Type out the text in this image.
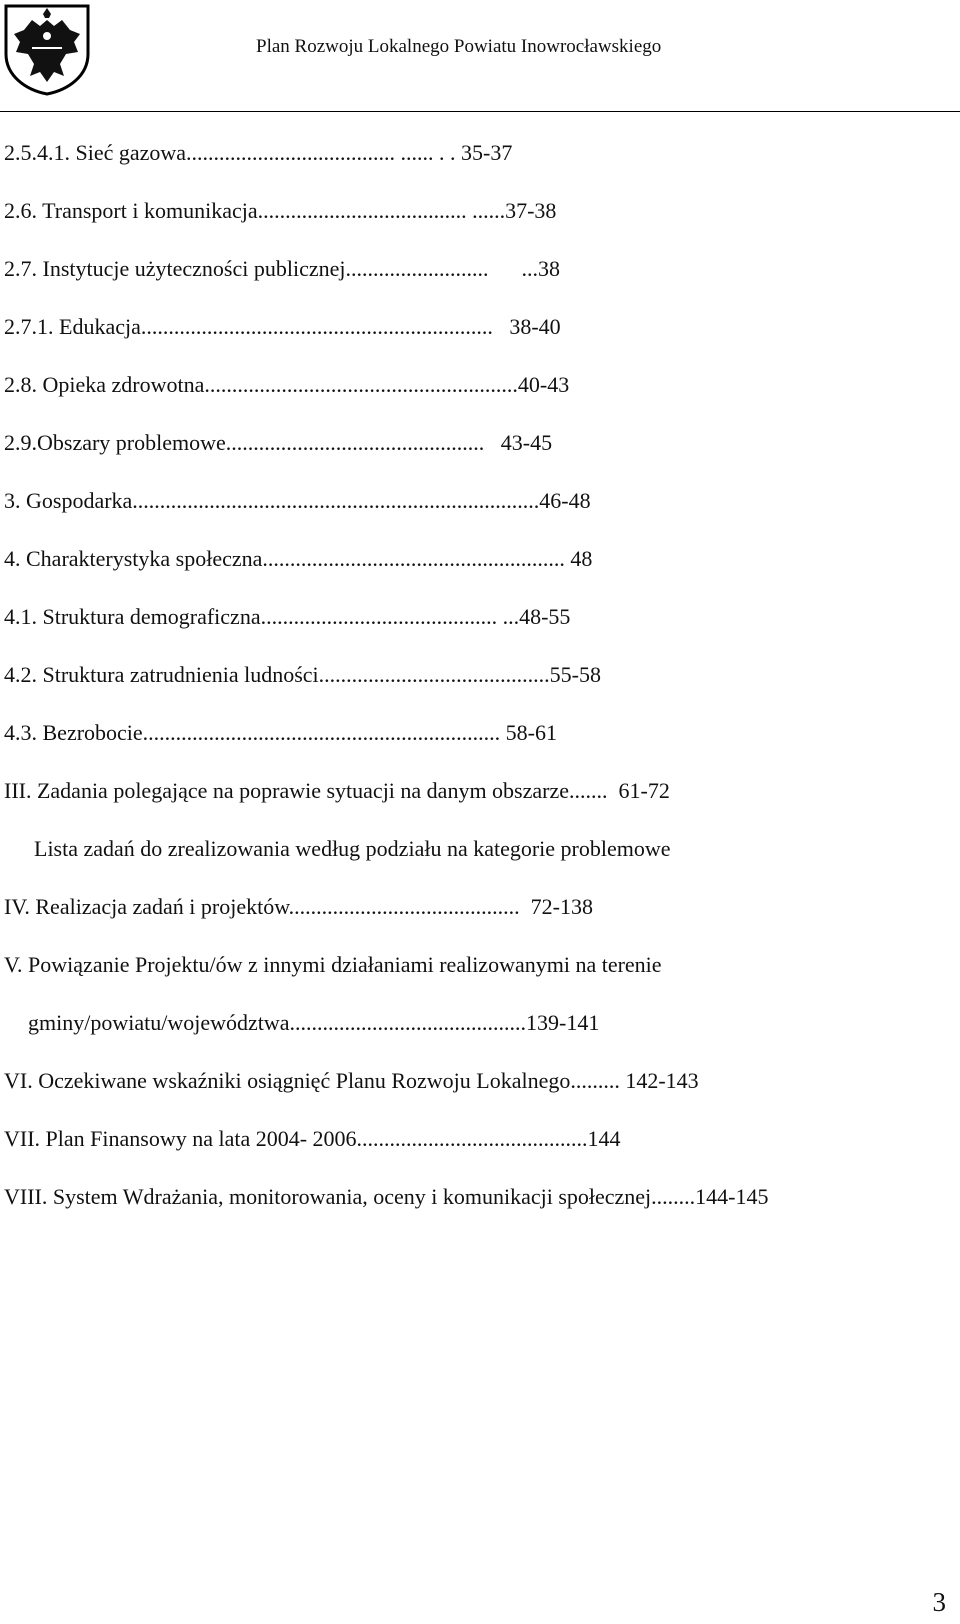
Plan Rozwoju Lokalnego Powiatu Inowrocławskiego
2.5.4.1. Sieć gazowa...................................... ...... . . 35-37
2.6. Transport i komunikacja...................................... ......37-38
2.7. Instytucje użyteczności publicznej..........................      ...38
2.7.1. Edukacja................................................................   38-40
2.8. Opieka zdrowotna.........................................................40-43
2.9.Obszary problemowe...............................................   43-45
3. Gospodarka..........................................................................46-48
4. Charakterystyka społeczna....................................................... 48
4.1. Struktura demograficzna........................................... ...48-55
4.2. Struktura zatrudnienia ludności..........................................55-58
4.3. Bezrobocie................................................................. 58-61
III. Zadania polegające na poprawie sytuacji na danym obszarze.......  61-72
Lista zadań do zrealizowania według podziału na kategorie problemowe
IV. Realizacja zadań i projektów..........................................  72-138
V. Powiązanie Projektu/ów z innymi działaniami realizowanymi na terenie
gminy/powiatu/województwa...........................................139-141
VI. Oczekiwane wskaźniki osiągnięć Planu Rozwoju Lokalnego......... 142-143
VII. Plan Finansowy na lata 2004- 2006..........................................144
VIII. System Wdrażania, monitorowania, oceny i komunikacji społecznej........144-145
3
